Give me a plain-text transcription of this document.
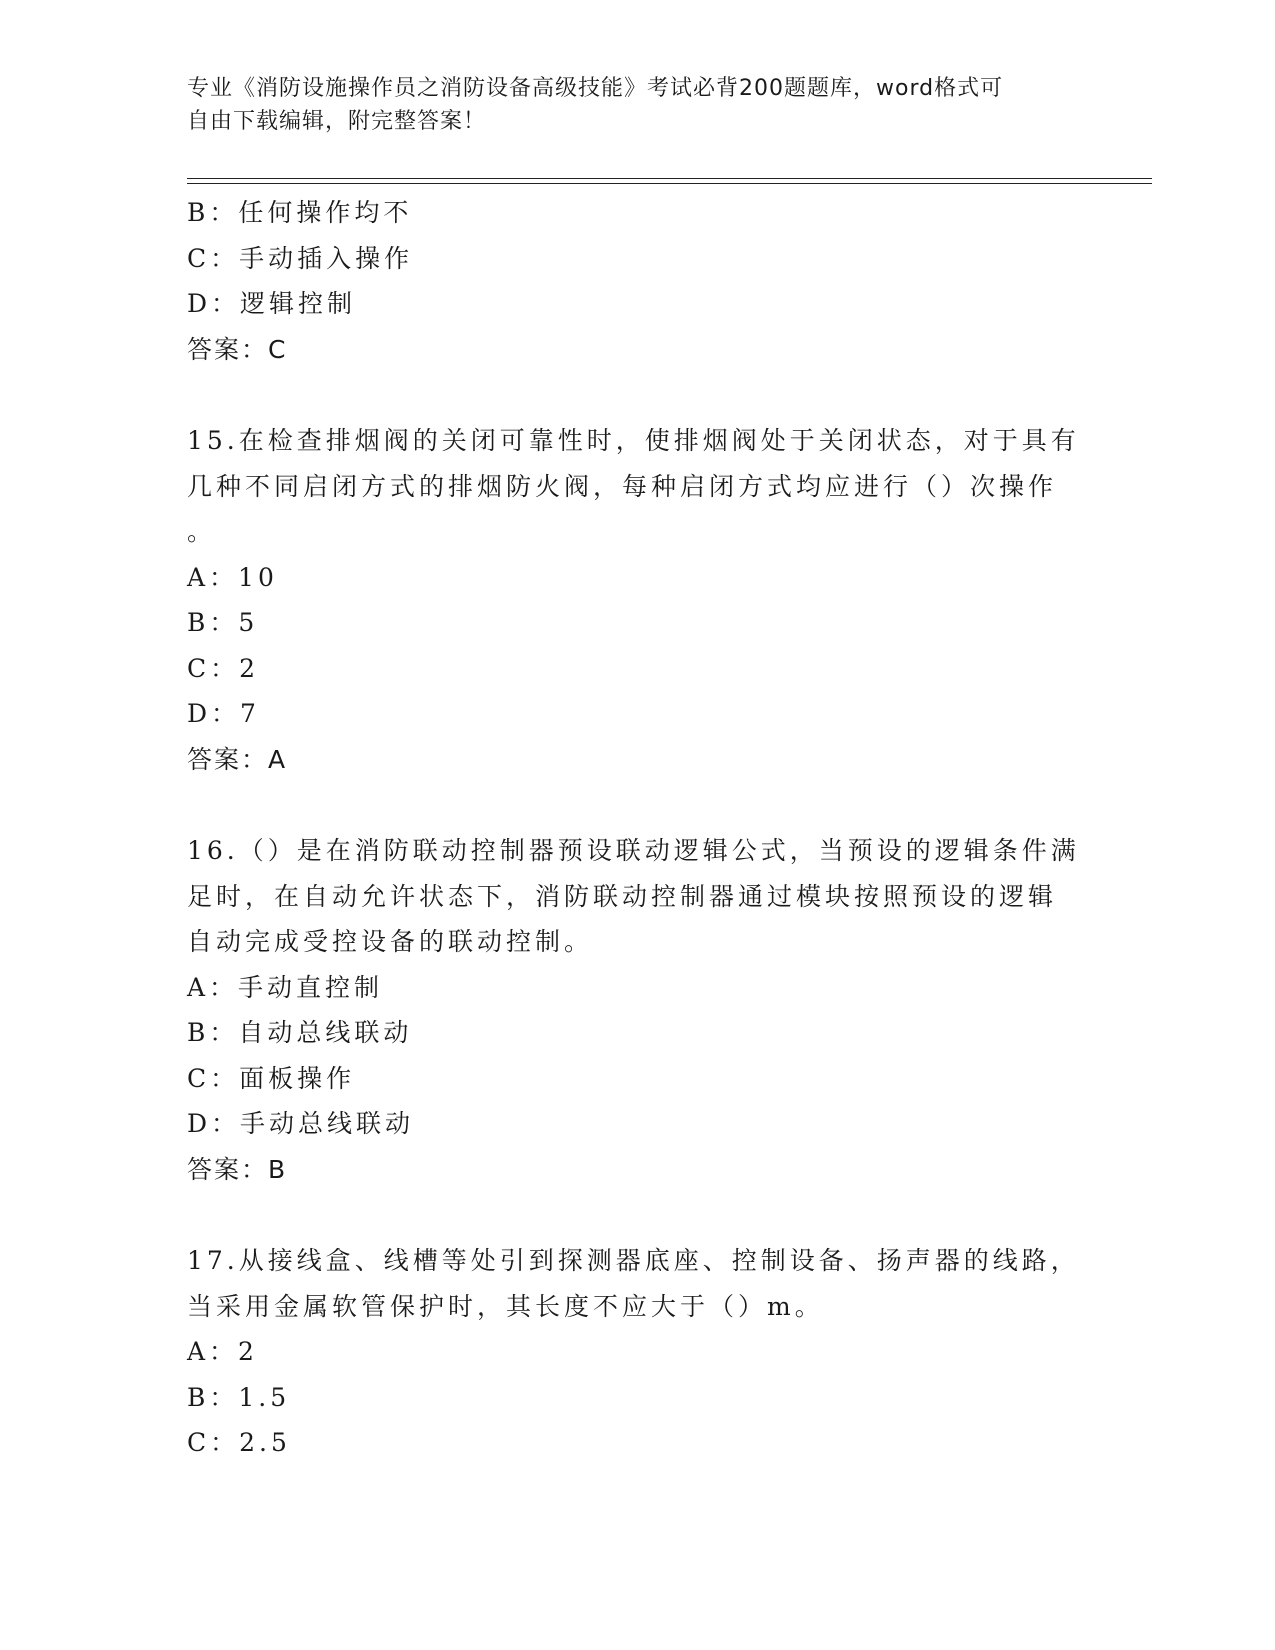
专业《消防设施操作员之消防设备高级技能》考试必背200题题库，word格式可
自由下载编辑，附完整答案！
B：任何操作均不
C：手动插入操作
D：逻辑控制
答案：C
15.在检查排烟阀的关闭可靠性时，使排烟阀处于关闭状态，对于具有
几种不同启闭方式的排烟防火阀，每种启闭方式均应进行（）次操作
。
A：10
B：5
C：2
D：7
答案：A
16.（）是在消防联动控制器预设联动逻辑公式，当预设的逻辑条件满
足时，在自动允许状态下，消防联动控制器通过模块按照预设的逻辑
自动完成受控设备的联动控制。
A：手动直控制
B：自动总线联动
C：面板操作
D：手动总线联动
答案：B
17.从接线盒、线槽等处引到探测器底座、控制设备、扬声器的线路，
当采用金属软管保护时，其长度不应大于（）m。
A：2
B：1.5
C：2.5
